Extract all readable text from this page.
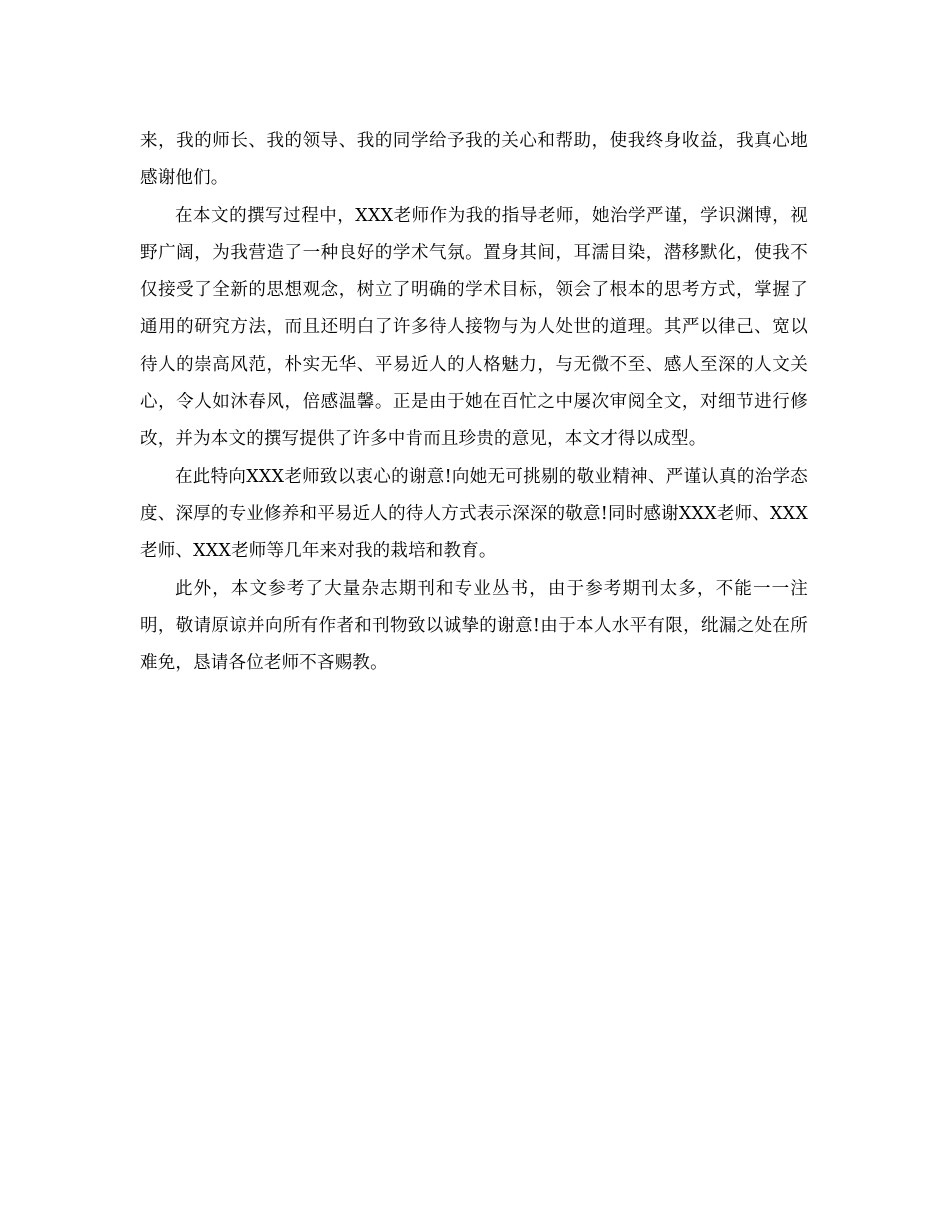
来，我的师长、我的领导、我的同学给予我的关心和帮助，使我终身收益，我真心地感谢他们。

在本文的撰写过程中，XXX老师作为我的指导老师，她治学严谨，学识渊博，视野广阔，为我营造了一种良好的学术气氛。置身其间，耳濡目染，潜移默化，使我不仅接受了全新的思想观念，树立了明确的学术目标，领会了根本的思考方式，掌握了通用的研究方法，而且还明白了许多待人接物与为人处世的道理。其严以律己、宽以待人的崇高风范，朴实无华、平易近人的人格魅力，与无微不至、感人至深的人文关心，令人如沐春风，倍感温馨。正是由于她在百忙之中屡次审阅全文，对细节进行修改，并为本文的撰写提供了许多中肯而且珍贵的意见，本文才得以成型。

在此特向XXX老师致以衷心的谢意!向她无可挑剔的敬业精神、严谨认真的治学态度、深厚的专业修养和平易近人的待人方式表示深深的敬意!同时感谢XXX老师、XXX老师、XXX老师等几年来对我的栽培和教育。

此外，本文参考了大量杂志期刊和专业丛书，由于参考期刊太多，不能一一注明，敬请原谅并向所有作者和刊物致以诚挚的谢意!由于本人水平有限，纰漏之处在所难免，恳请各位老师不吝赐教。
